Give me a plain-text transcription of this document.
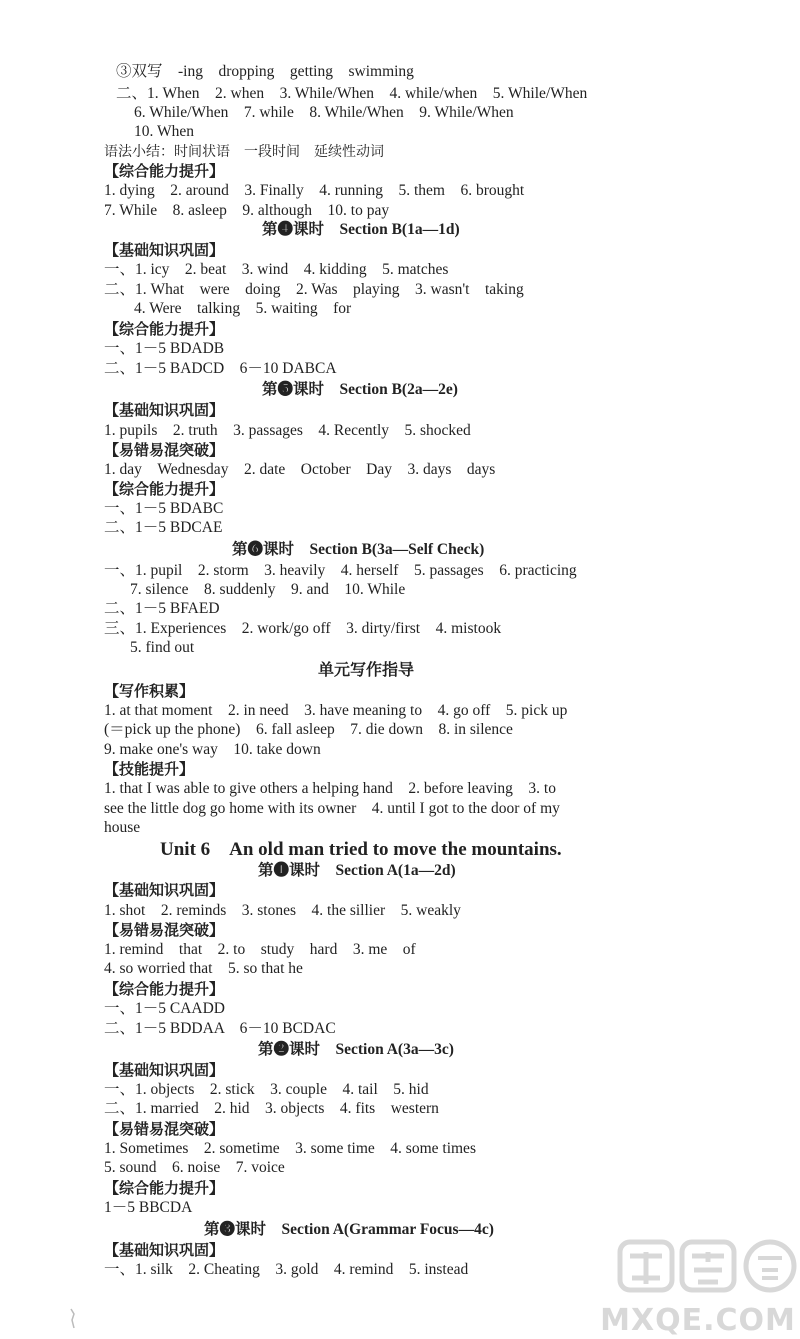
③双写　-ing　dropping　getting　swimming
二、1. When　2. when　3. While/When　4. while/when　5. While/When
6. While/When　7. while　8. While/When　9. While/When
10. When
语法小结：时间状语　一段时间　延续性动词
【综合能力提升】
1. dying　2. around　3. Finally　4. running　5. them　6. brought
7. While　8. asleep　9. although　10. to pay
第❹课时　Section B(1a—1d)
【基础知识巩固】
一、1. icy　2. beat　3. wind　4. kidding　5. matches
二、1. What　were　doing　2. Was　playing　3. wasn't　taking
4. Were　talking　5. waiting　for
【综合能力提升】
一、1－5 BDADB
二、1－5 BADCD　6－10 DABCA
第❺课时　Section B(2a—2e)
【基础知识巩固】
1. pupils　2. truth　3. passages　4. Recently　5. shocked
【易错易混突破】
1. day　Wednesday　2. date　October　Day　3. days　days
【综合能力提升】
一、1－5 BDABC
二、1－5 BDCAE
第❻课时　Section B(3a—Self Check)
一、1. pupil　2. storm　3. heavily　4. herself　5. passages　6. practicing
7. silence　8. suddenly　9. and　10. While
二、1－5 BFAED
三、1. Experiences　2. work/go off　3. dirty/first　4. mistook
5. find out
单元写作指导
【写作积累】
1. at that moment　2. in need　3. have meaning to　4. go off　5. pick up
(＝pick up the phone)　6. fall asleep　7. die down　8. in silence
9. make one's way　10. take down
【技能提升】
1. that I was able to give others a helping hand　2. before leaving　3. to
see the little dog go home with its owner　4. until I got to the door of my
house
Unit 6　An old man tried to move the mountains.
第❶课时　Section A(1a—2d)
【基础知识巩固】
1. shot　2. reminds　3. stones　4. the sillier　5. weakly
【易错易混突破】
1. remind　that　2. to　study　hard　3. me　of
4. so worried that　5. so that he
【综合能力提升】
一、1－5 CAADD
二、1－5 BDDAA　6－10 BCDAC
第❷课时　Section A(3a—3c)
【基础知识巩固】
一、1. objects　2. stick　3. couple　4. tail　5. hid
二、1. married　2. hid　3. objects　4. fits　western
【易错易混突破】
1. Sometimes　2. sometime　3. some time　4. some times
5. sound　6. noise　7. voice
【综合能力提升】
1－5 BBCDA
第❸课时　Section A(Grammar Focus—4c)
【基础知识巩固】
一、1. silk　2. Cheating　3. gold　4. remind　5. instead
MXQE.COM
